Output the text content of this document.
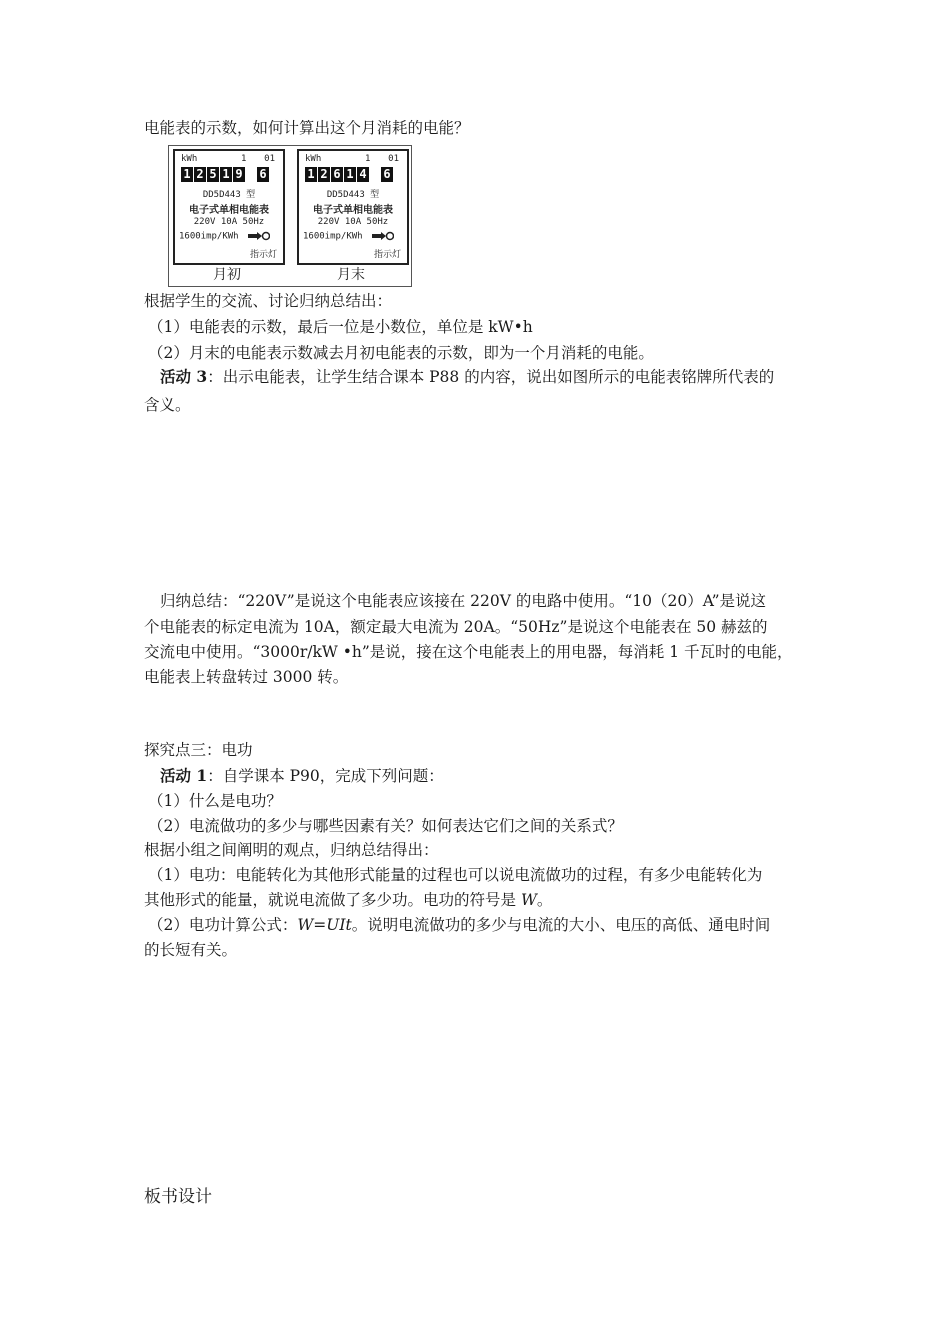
电能表的示数，如何计算出这个月消耗的电能？
kWh	1 01
1 2 5 1 9 6
DD5D443 型
电子式单相电能表
220V 10A 50Hz
1600imp/KWh
指示灯
kWh	1 01
1 2 6 1 4 6
DD5D443 型
电子式单相电能表
220V 10A 50Hz
1600imp/KWh
指示灯
月初	月末
根据学生的交流、讨论归纳总结出：
（1）电能表的示数，最后一位是小数位，单位是 kW•h
（2）月末的电能表示数减去月初电能表的示数，即为一个月消耗的电能。
活动 3：出示电能表，让学生结合课本 P88 的内容，说出如图所示的电能表铭牌所代表的
含义。
归纳总结：“220V”是说这个电能表应该接在 220V 的电路中使用。“10（20）A”是说这
个电能表的标定电流为 10A，额定最大电流为 20A。“50Hz”是说这个电能表在 50 赫兹的
交流电中使用。“3000r/kW •h”是说，接在这个电能表上的用电器，每消耗 1 千瓦时的电能，
电能表上转盘转过 3000 转。
探究点三：电功
活动 1：自学课本 P90，完成下列问题：
（1）什么是电功？
（2）电流做功的多少与哪些因素有关？如何表达它们之间的关系式？
根据小组之间阐明的观点，归纳总结得出：
（1）电功：电能转化为其他形式能量的过程也可以说电流做功的过程，有多少电能转化为
其他形式的能量，就说电流做了多少功。电功的符号是 W。
（2）电功计算公式：W=UIt。说明电流做功的多少与电流的大小、电压的高低、通电时间
的长短有关。
板书设计
